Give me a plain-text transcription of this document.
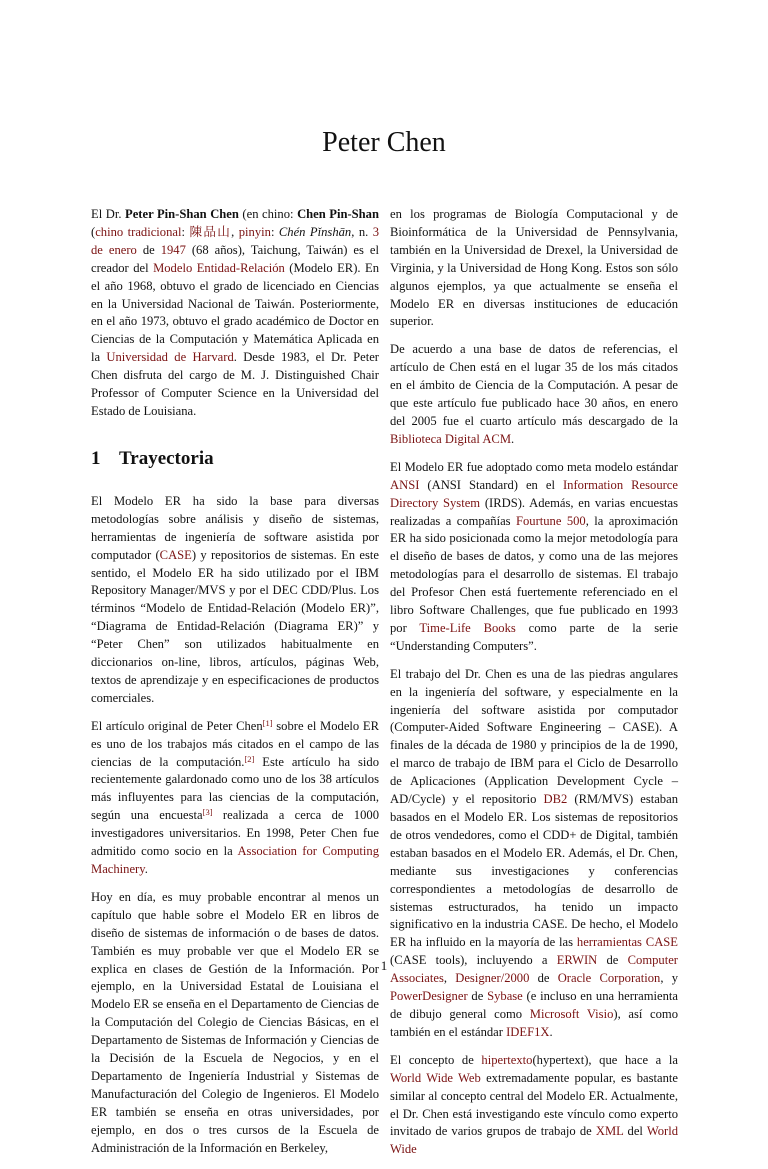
Peter Chen

El Dr. Peter Pin-Shan Chen (en chino: Chen Pin-Shan (chino tradicional: 陳品山, pinyin: Chén Pǐnshān, n. 3 de enero de 1947 (68 años), Taichung, Taiwán) es el creador del Modelo Entidad-Relación (Modelo ER). En el año 1968, obtuvo el grado de licenciado en Ciencias en la Universidad Nacional de Taiwán. Posteriormente, en el año 1973, obtuvo el grado académico de Doctor en Ciencias de la Computación y Matemática Aplicada en la Universidad de Harvard. Desde 1983, el Dr. Peter Chen disfruta del cargo de M. J. Distinguished Chair Professor of Computer Science en la Universidad del Estado de Louisiana.

1 Trayectoria

El Modelo ER ha sido la base para diversas metodologías sobre análisis y diseño de sistemas, herramientas de ingeniería de software asistida por computador (CASE) y repositorios de sistemas. En este sentido, el Modelo ER ha sido utilizado por el IBM Repository Manager/MVS y por el DEC CDD/Plus. Los términos “Modelo de Entidad-Relación (Modelo ER)”, “Diagrama de Entidad-Relación (Diagrama ER)” y “Peter Chen” son utilizados habitualmente en diccionarios on-line, libros, artículos, páginas Web, textos de aprendizaje y en especificaciones de productos comerciales.

El artículo original de Peter Chen[1] sobre el Modelo ER es uno de los trabajos más citados en el campo de las ciencias de la computación.[2] Este artículo ha sido recientemente galardonado como uno de los 38 artículos más influyentes para las ciencias de la computación, según una encuesta[3] realizada a cerca de 1000 investigadores universitarios. En 1998, Peter Chen fue admitido como socio en la Association for Computing Machinery.

Hoy en día, es muy probable encontrar al menos un capítulo que hable sobre el Modelo ER en libros de diseño de sistemas de información o de bases de datos. También es muy probable ver que el Modelo ER se explica en clases de Gestión de la Información. Por ejemplo, en la Universidad Estatal de Louisiana el Modelo ER se enseña en el Departamento de Ciencias de la Computación del Colegio de Ciencias Básicas, en el Departamento de Sistemas de Información y Ciencias de la Decisión de la Escuela de Negocios, y en el Departamento de Ingeniería Industrial y Sistemas de Manufacturación del Colegio de Ingenieros. El Modelo ER también se enseña en otras universidades, por ejemplo, en dos o tres cursos de la Escuela de Administración de la Información en Berkeley,

en los programas de Biología Computacional y de Bioinformática de la Universidad de Pennsylvania, también en la Universidad de Drexel, la Universidad de Virginia, y la Universidad de Hong Kong. Estos son sólo algunos ejemplos, ya que actualmente se enseña el Modelo ER en diversas instituciones de educación superior.

De acuerdo a una base de datos de referencias, el artículo de Chen está en el lugar 35 de los más citados en el ámbito de Ciencia de la Computación. A pesar de que este artículo fue publicado hace 30 años, en enero del 2005 fue el cuarto artículo más descargado de la Biblioteca Digital ACM.

El Modelo ER fue adoptado como meta modelo estándar ANSI (ANSI Standard) en el Information Resource Directory System (IRDS). Además, en varias encuestas realizadas a compañías Fourtune 500, la aproximación ER ha sido posicionada como la mejor metodología para el diseño de bases de datos, y como una de las mejores metodologías para el desarrollo de sistemas. El trabajo del Profesor Chen está fuertemente referenciado en el libro Software Challenges, que fue publicado en 1993 por Time-Life Books como parte de la serie “Understanding Computers”.

El trabajo del Dr. Chen es una de las piedras angulares en la ingeniería del software, y especialmente en la ingeniería del software asistida por computador (Computer-Aided Software Engineering – CASE). A finales de la década de 1980 y principios de la de 1990, el marco de trabajo de IBM para el Ciclo de Desarrollo de Aplicaciones (Application Development Cycle – AD/Cycle) y el repositorio DB2 (RM/MVS) estaban basados en el Modelo ER. Los sistemas de repositorios de otros vendedores, como el CDD+ de Digital, también estaban basados en el Modelo ER. Además, el Dr. Chen, mediante sus investigaciones y conferencias correspondientes a metodologías de desarrollo de sistemas estructurados, ha tenido un impacto significativo en la industria CASE. De hecho, el Modelo ER ha influido en la mayoría de las herramientas CASE (CASE tools), incluyendo a ERWIN de Computer Associates, Designer/2000 de Oracle Corporation, y PowerDesigner de Sybase (e incluso en una herramienta de dibujo general como Microsoft Visio), así como también en el estándar IDEF1X.

El concepto de hipertexto(hypertext), que hace a la World Wide Web extremadamente popular, es bastante similar al concepto central del Modelo ER. Actualmente, el Dr. Chen está investigando este vínculo como experto invitado de varios grupos de trabajo de XML del World Wide

1
